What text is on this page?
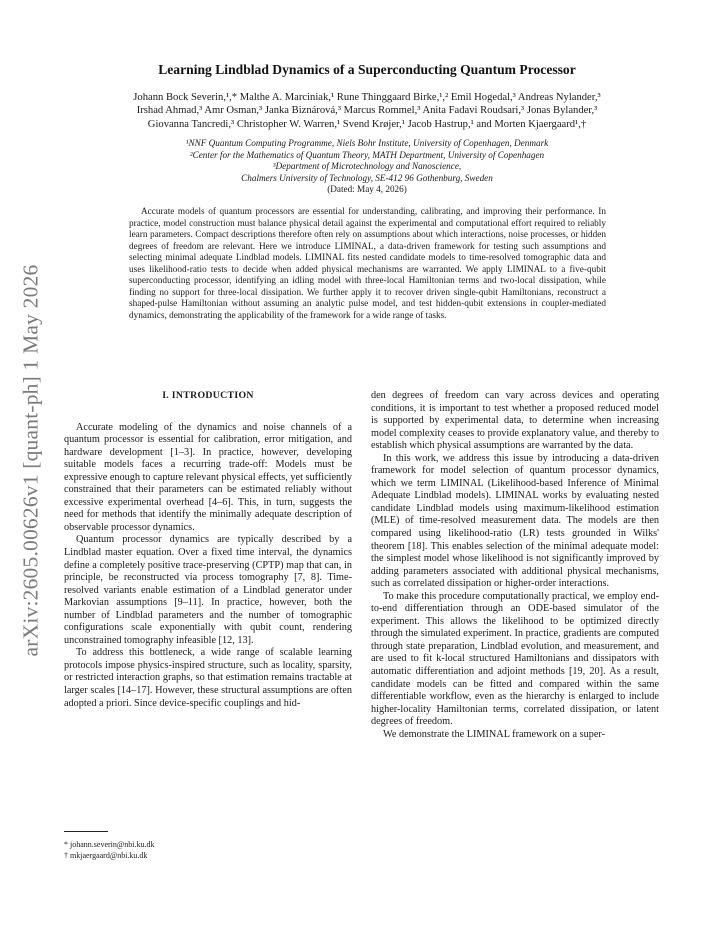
arXiv:2605.00626v1 [quant-ph] 1 May 2026
Learning Lindblad Dynamics of a Superconducting Quantum Processor
Johann Bock Severin,¹,* Malthe A. Marciniak,¹ Rune Thinggaard Birke,¹,² Emil Hogedal,³ Andreas Nylander,³
Irshad Ahmad,³ Amr Osman,³ Janka Biznárová,³ Marcus Rommel,³ Anita Fadavi Roudsari,³ Jonas Bylander,³
Giovanna Tancredi,³ Christopher W. Warren,¹ Svend Krøjer,¹ Jacob Hastrup,¹ and Morten Kjaergaard¹,†
¹NNF Quantum Computing Programme, Niels Bohr Institute, University of Copenhagen, Denmark
²Center for the Mathematics of Quantum Theory, MATH Department, University of Copenhagen
³Department of Microtechnology and Nanoscience,
Chalmers University of Technology, SE-412 96 Gothenburg, Sweden
(Dated: May 4, 2026)
Accurate models of quantum processors are essential for understanding, calibrating, and improving their performance. In practice, model construction must balance physical detail against the experimental and computational effort required to reliably learn parameters. Compact descriptions therefore often rely on assumptions about which interactions, noise processes, or hidden degrees of freedom are relevant. Here we introduce LIMINAL, a data-driven framework for testing such assumptions and selecting minimal adequate Lindblad models. LIMINAL fits nested candidate models to time-resolved tomographic data and uses likelihood-ratio tests to decide when added physical mechanisms are warranted. We apply LIMINAL to a five-qubit superconducting processor, identifying an idling model with three-local Hamiltonian terms and two-local dissipation, while finding no support for three-local dissipation. We further apply it to recover driven single-qubit Hamiltonians, reconstruct a shaped-pulse Hamiltonian without assuming an analytic pulse model, and test hidden-qubit extensions in coupler-mediated dynamics, demonstrating the applicability of the framework for a wide range of tasks.
I. INTRODUCTION

Accurate modeling of the dynamics and noise channels of a quantum processor is essential for calibration, error mitigation, and hardware development [1–3]. In practice, however, developing suitable models faces a recurring trade-off: Models must be expressive enough to capture relevant physical effects, yet sufficiently constrained that their parameters can be estimated reliably without excessive experimental overhead [4–6]. This, in turn, suggests the need for methods that identify the minimally adequate description of observable processor dynamics.

Quantum processor dynamics are typically described by a Lindblad master equation. Over a fixed time interval, the dynamics define a completely positive trace-preserving (CPTP) map that can, in principle, be reconstructed via process tomography [7, 8]. Time-resolved variants enable estimation of a Lindblad generator under Markovian assumptions [9–11]. In practice, however, both the number of Lindblad parameters and the number of tomographic configurations scale exponentially with qubit count, rendering unconstrained tomography infeasible [12, 13].

To address this bottleneck, a wide range of scalable learning protocols impose physics-inspired structure, such as locality, sparsity, or restricted interaction graphs, so that estimation remains tractable at larger scales [14–17]. However, these structural assumptions are often adopted a priori. Since device-specific couplings and hid-

den degrees of freedom can vary across devices and operating conditions, it is important to test whether a proposed reduced model is supported by experimental data, to determine when increasing model complexity ceases to provide explanatory value, and thereby to establish which physical assumptions are warranted by the data.

In this work, we address this issue by introducing a data-driven framework for model selection of quantum processor dynamics, which we term LIMINAL (Likelihood-based Inference of Minimal Adequate Lindblad models). LIMINAL works by evaluating nested candidate Lindblad models using maximum-likelihood estimation (MLE) of time-resolved measurement data. The models are then compared using likelihood-ratio (LR) tests grounded in Wilks' theorem [18]. This enables selection of the minimal adequate model: the simplest model whose likelihood is not significantly improved by adding parameters associated with additional physical mechanisms, such as correlated dissipation or higher-order interactions.

To make this procedure computationally practical, we employ end-to-end differentiation through an ODE-based simulator of the experiment. This allows the likelihood to be optimized directly through the simulated experiment. In practice, gradients are computed through state preparation, Lindblad evolution, and measurement, and are used to fit k-local structured Hamiltonians and dissipators with automatic differentiation and adjoint methods [19, 20]. As a result, candidate models can be fitted and compared within the same differentiable workflow, even as the hierarchy is enlarged to include higher-locality Hamiltonian terms, correlated dissipation, or latent degrees of freedom.

We demonstrate the LIMINAL framework on a super-

* johann.severin@nbi.ku.dk
† mkjaergaard@nbi.ku.dk
